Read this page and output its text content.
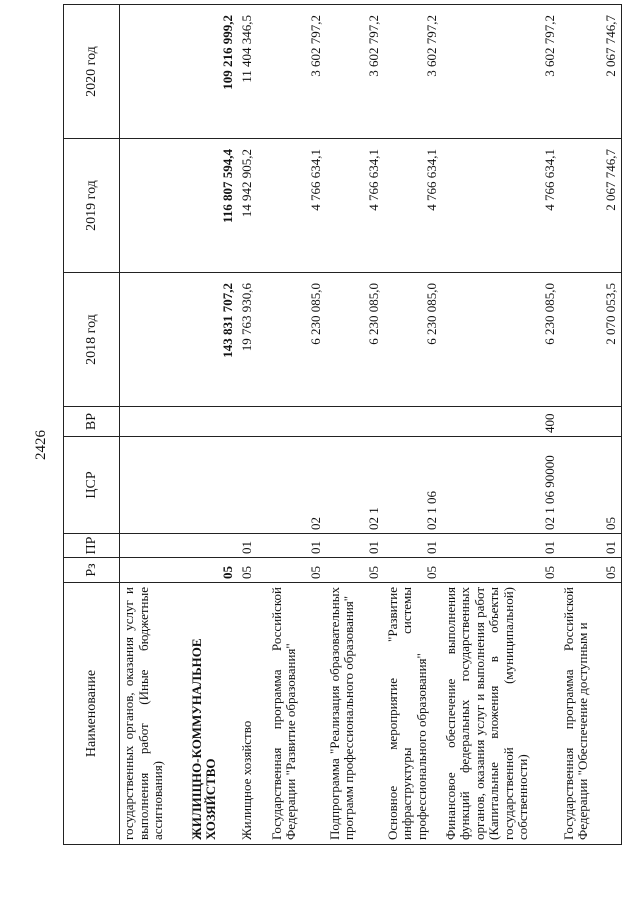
2426
Наименование	Рз	ПР	ЦСР	ВР	2018 год	2019 год	2020 год
государственных органов, оказания услуг и выполнения работ (Иные бюджетные ассигнования)							
ЖИЛИЩНО-КОММУНАЛЬНОЕ ХОЗЯЙСТВО	05				143 831 707,2	116 807 594,4	109 216 999,2
Жилищное хозяйство	05	01			19 763 930,6	14 942 905,2	11 404 346,5
Государственная программа Российской Федерации "Развитие образования"	05	01	02		6 230 085,0	4 766 634,1	3 602 797,2
Подпрограмма "Реализация образовательных программ профессионального образования"	05	01	02 1		6 230 085,0	4 766 634,1	3 602 797,2
Основное мероприятие "Развитие инфраструктуры системы профессионального образования"	05	01	02 1 06		6 230 085,0	4 766 634,1	3 602 797,2
Финансовое обеспечение выполнения функций федеральных государственных органов, оказания услуг и выполнения работ (Капитальные вложения в объекты государственной (муниципальной) собственности)	05	01	02 1 06 90000	400	6 230 085,0	4 766 634,1	3 602 797,2
Государственная программа Российской Федерации "Обеспечение доступным и	05	01	05		2 070 053,5	2 067 746,7	2 067 746,7
